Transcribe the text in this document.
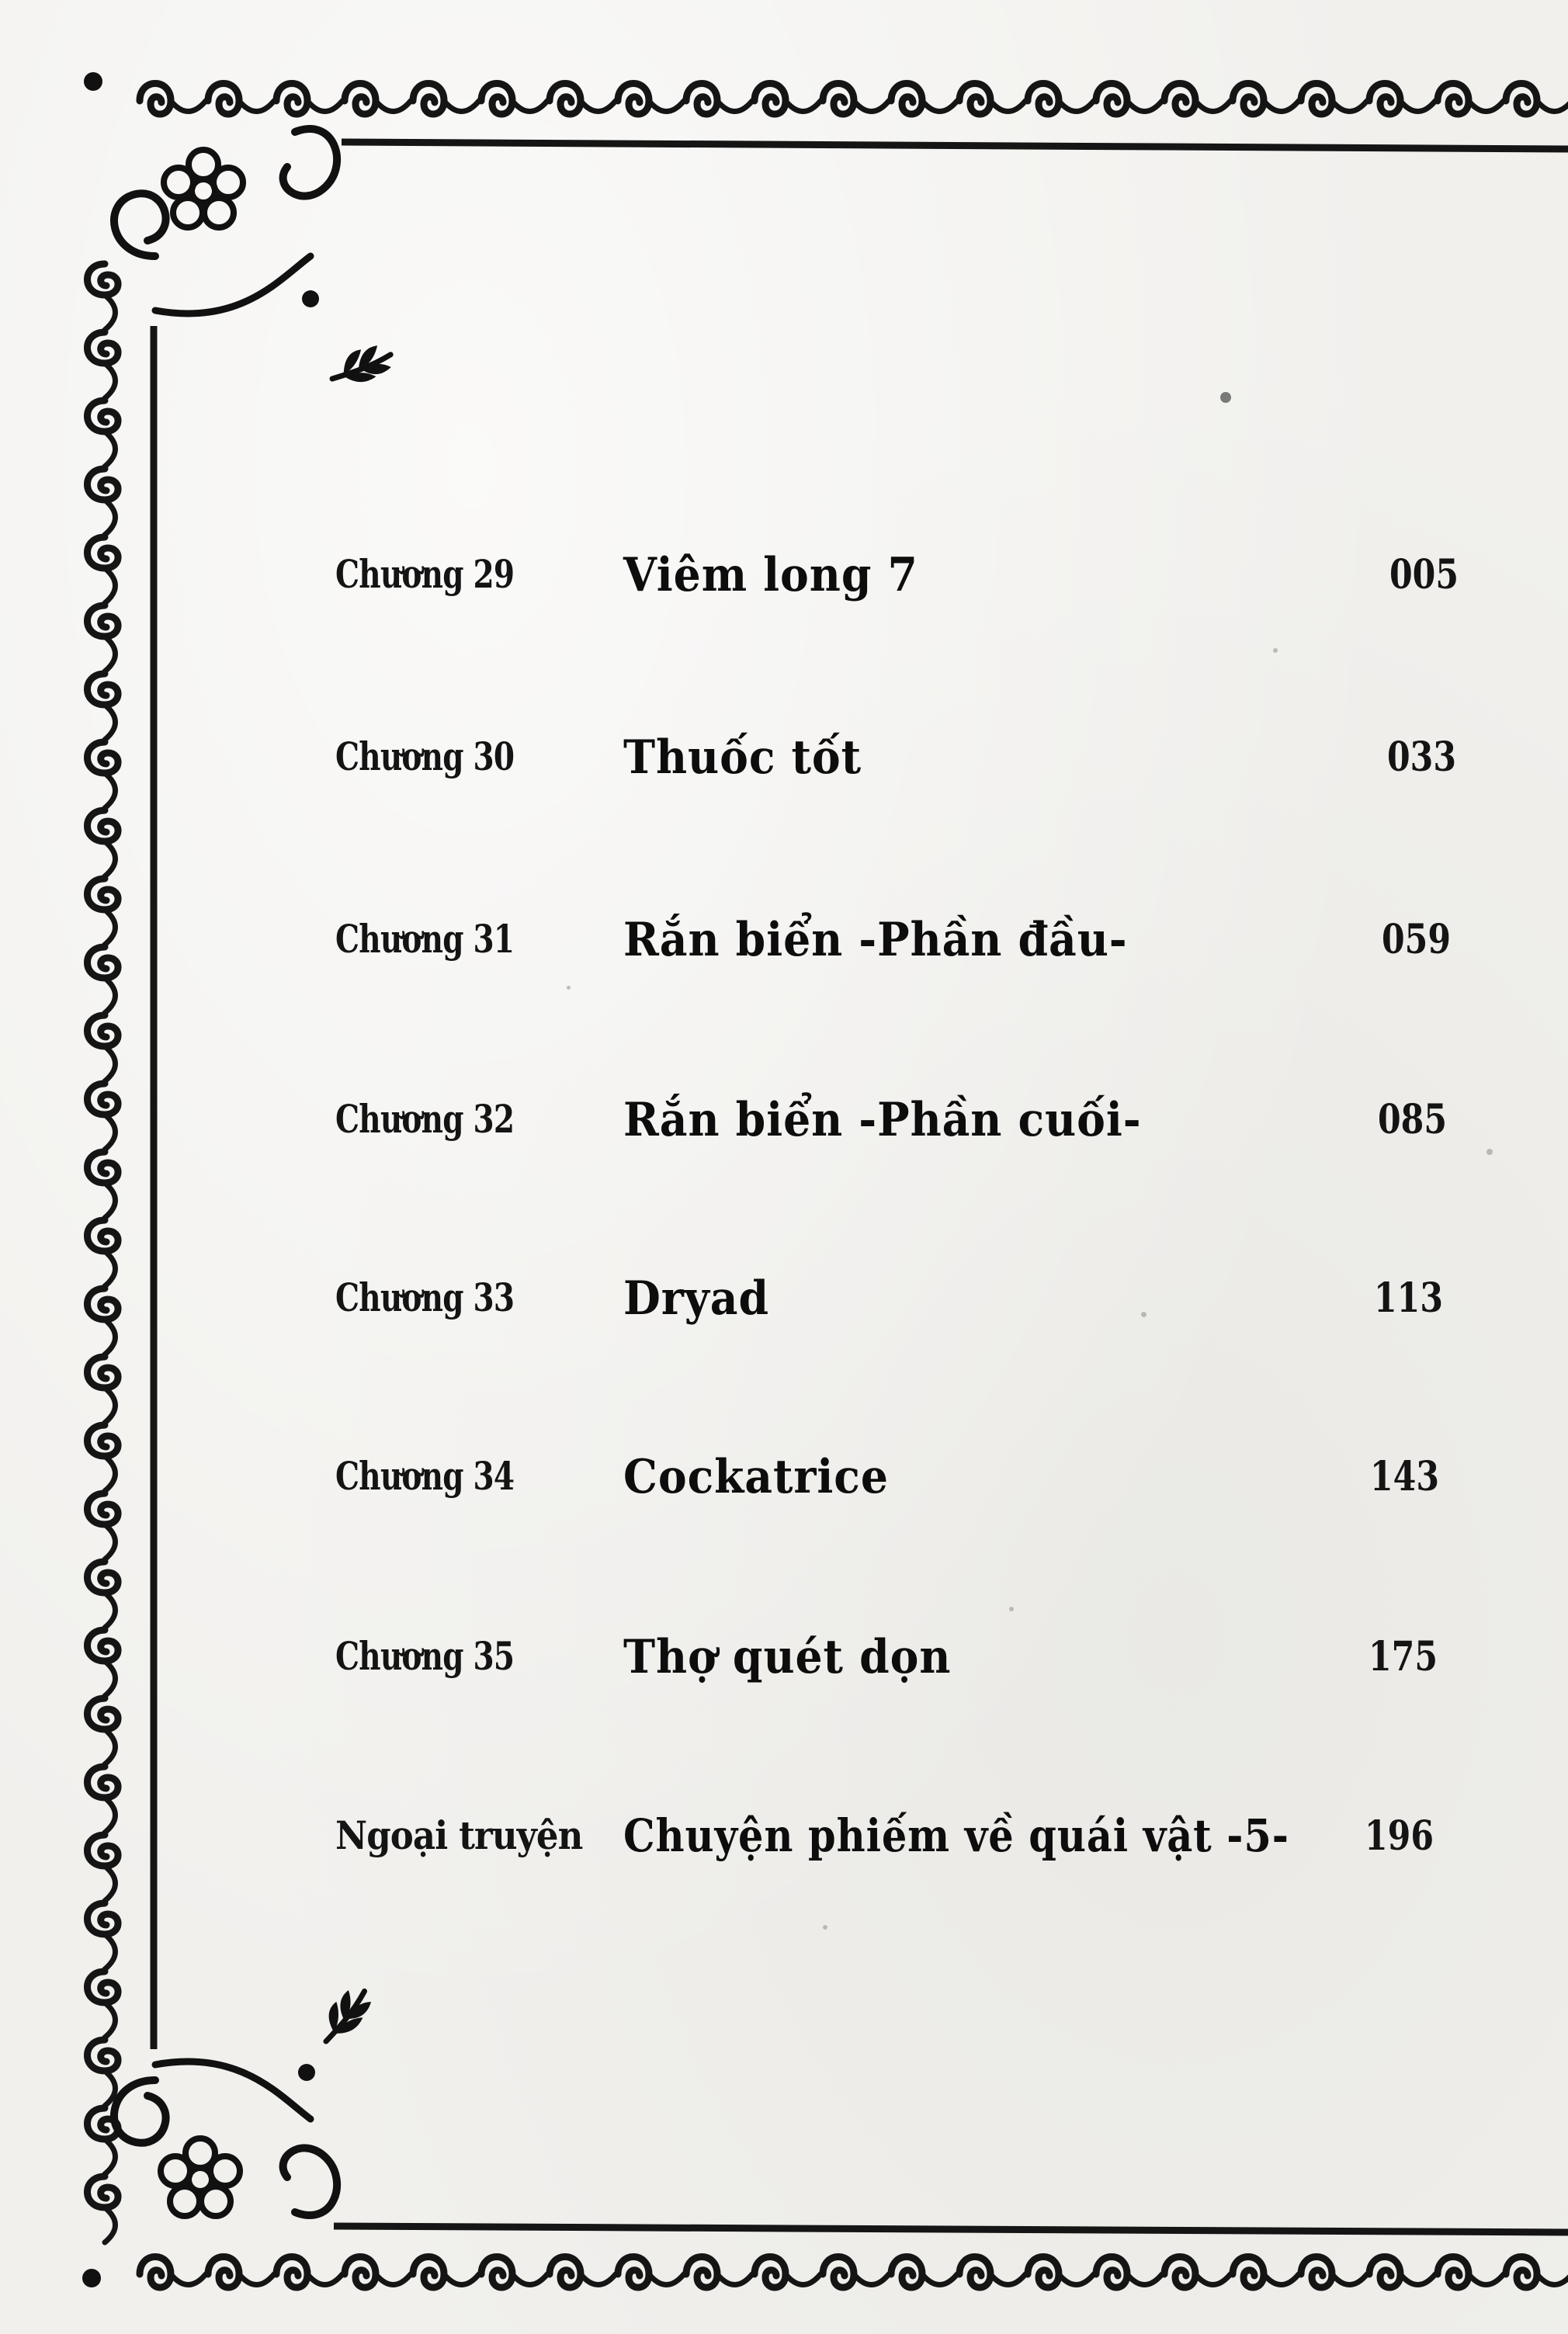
Chương 29 Viêm long 7	005
Chương 30 Thuốc tốt	033
Chương 31 Rắn biển -Phần đầu-	059
Chương 32 Rắn biển -Phần cuối-	085
Chương 33 Dryad	113
Chương 34 Cockatrice	143
Chương 35 Thợ quét dọn	175
Ngoại truyện Chuyện phiếm về quái vật -5- 196
